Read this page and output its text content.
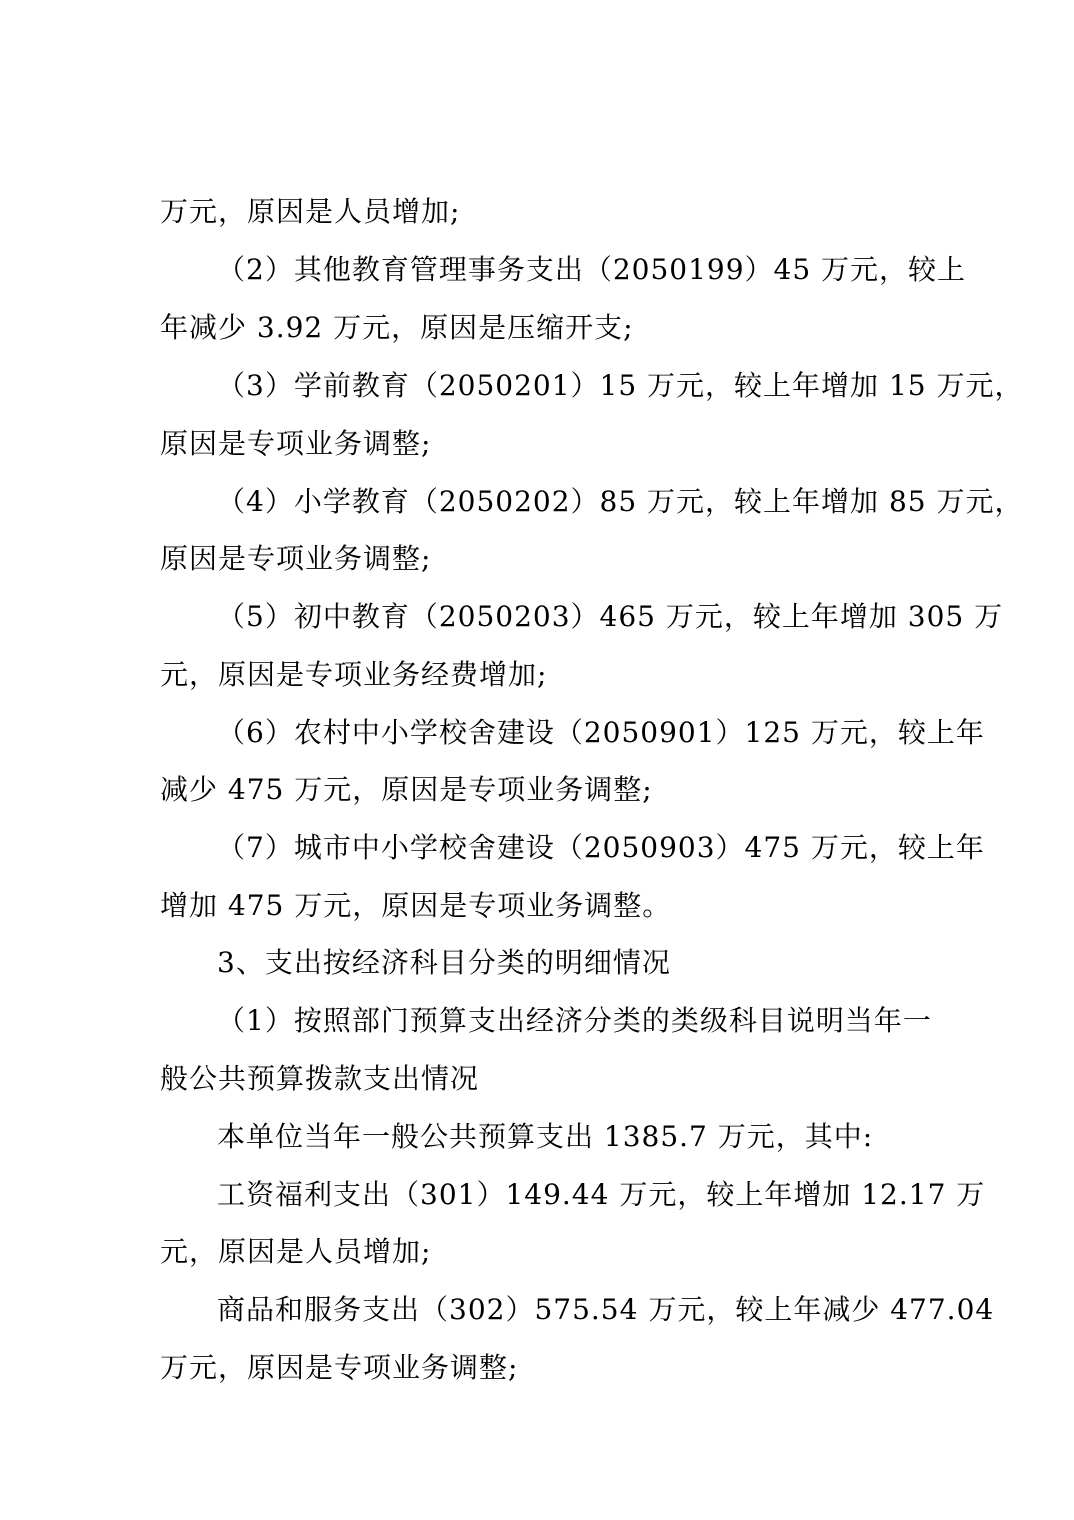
万元，原因是人员增加;
（2）其他教育管理事务支出（2050199）45 万元，较上
年减少 3.92 万元，原因是压缩开支;
（3）学前教育（2050201）15 万元，较上年增加 15 万元，
原因是专项业务调整;
（4）小学教育（2050202）85 万元，较上年增加 85 万元，
原因是专项业务调整;
（5）初中教育（2050203）465 万元，较上年增加 305 万
元，原因是专项业务经费增加;
（6）农村中小学校舍建设（2050901）125 万元，较上年
减少 475 万元，原因是专项业务调整;
（7）城市中小学校舍建设（2050903）475 万元，较上年
增加 475 万元，原因是专项业务调整。
3、支出按经济科目分类的明细情况
（1）按照部门预算支出经济分类的类级科目说明当年一
般公共预算拨款支出情况
本单位当年一般公共预算支出 1385.7 万元，其中:
工资福利支出（301）149.44 万元，较上年增加 12.17 万
元，原因是人员增加;
商品和服务支出（302）575.54 万元，较上年减少 477.04
万元，原因是专项业务调整;
